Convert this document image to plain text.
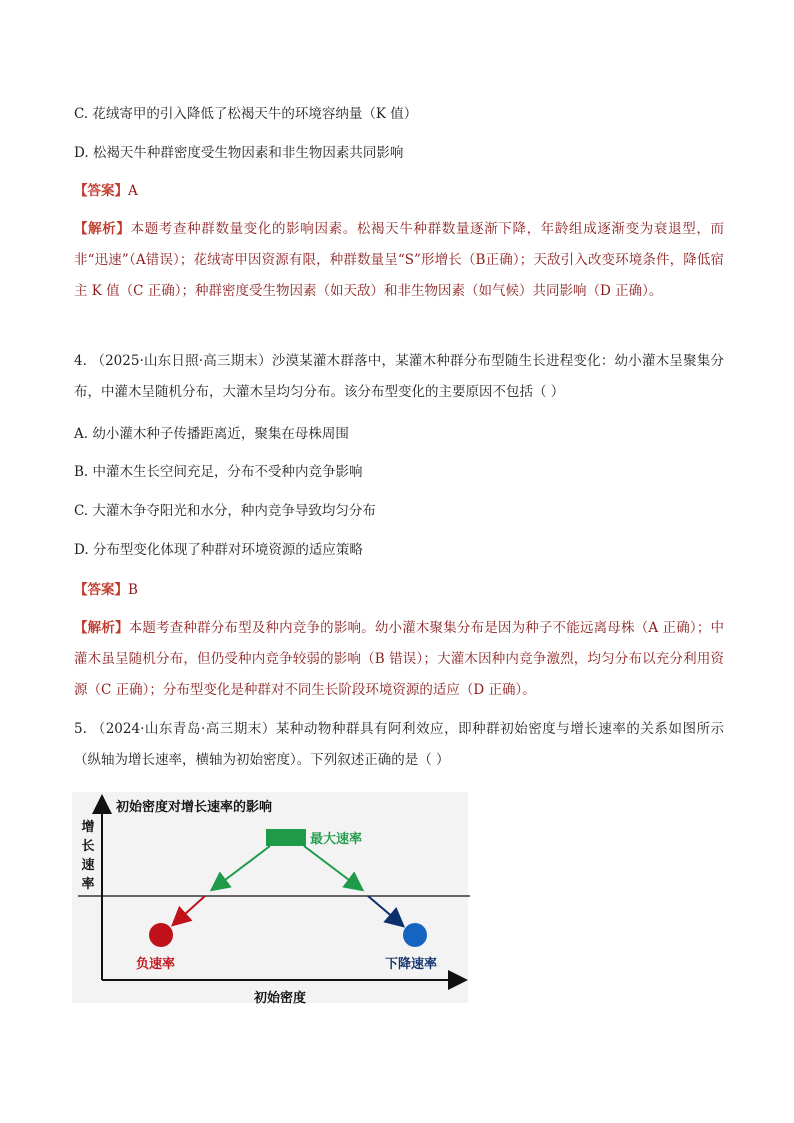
C. 花绒寄甲的引入降低了松褐天牛的环境容纳量（K 值）
D. 松褐天牛种群密度受生物因素和非生物因素共同影响
【答案】A
【解析】本题考查种群数量变化的影响因素。松褐天牛种群数量逐渐下降，年龄组成逐渐变为衰退型，而非“迅速”（A错误）；花绒寄甲因资源有限，种群数量呈“S”形增长（B正确）；天敌引入改变环境条件，降低宿主 K 值（C 正确）；种群密度受生物因素（如天敌）和非生物因素（如气候）共同影响（D 正确）。
4. （2025·山东日照·高三期末）沙漠某灌木群落中，某灌木种群分布型随生长进程变化：幼小灌木呈聚集分布，中灌木呈随机分布，大灌木呈均匀分布。该分布型变化的主要原因不包括（ ）
A. 幼小灌木种子传播距离近，聚集在母株周围
B. 中灌木生长空间充足，分布不受种内竞争影响
C. 大灌木争夺阳光和水分，种内竞争导致均匀分布
D. 分布型变化体现了种群对环境资源的适应策略
【答案】B
【解析】本题考查种群分布型及种内竞争的影响。幼小灌木聚集分布是因为种子不能远离母株（A 正确）；中灌木虽呈随机分布，但仍受种内竞争较弱的影响（B 错误）；大灌木因种内竞争激烈，均匀分布以充分利用资源（C 正确）；分布型变化是种群对不同生长阶段环境资源的适应（D 正确）。
5. （2024·山东青岛·高三期末）某种动物种群具有阿利效应，即种群初始密度与增长速率的关系如图所示（纵轴为增长速率，横轴为初始密度）。下列叙述正确的是（ ）
初始密度对增长速率的影响
增
长
速
率
最大速率
负速率	下降速率
初始密度
